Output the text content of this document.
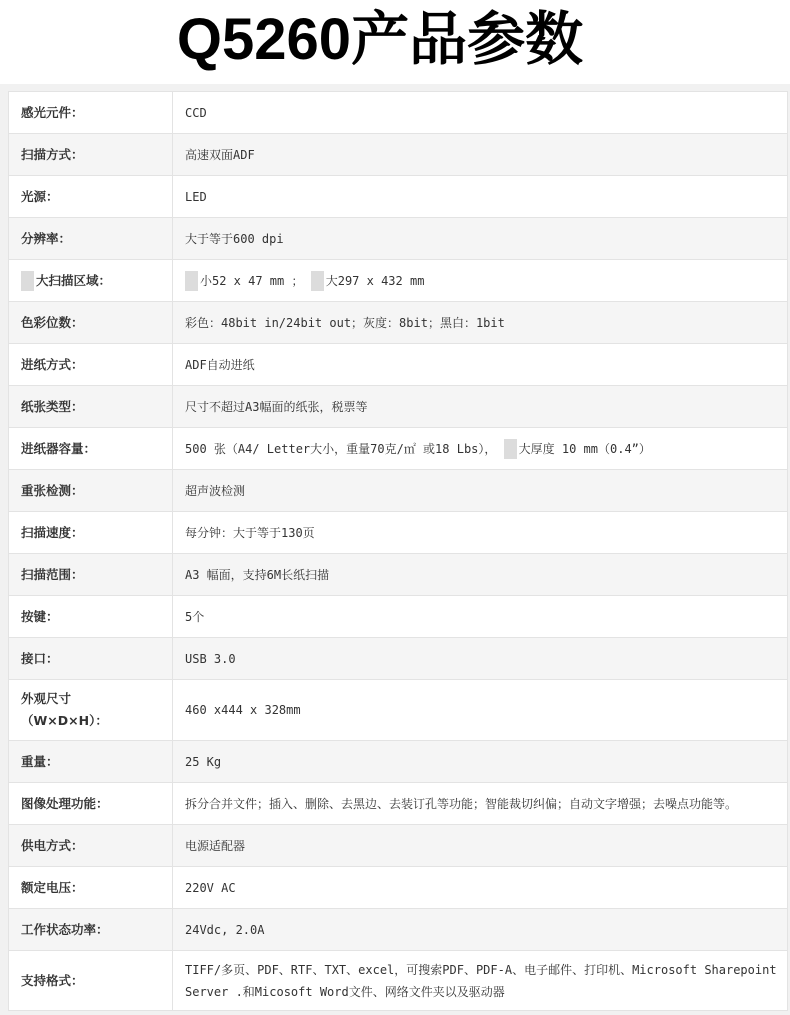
Q5260产品参数
感光元件：	CCD
扫描方式：	高速双面ADF
光源：	LED
分辨率：	大于等于600 dpi
大扫描区域：	小52 x 47 mm ； 大297 x 432 mm
色彩位数：	彩色：48bit in/24bit out；灰度：8bit；黑白：1bit
进纸方式：	ADF自动进纸
纸张类型：	尺寸不超过A3幅面的纸张，税票等
进纸器容量：	500 张（A4/ Letter大小，重量70克/㎡ 或18 Lbs）， 大厚度 10 mm（0.4”）
重张检测：	超声波检测
扫描速度：	每分钟：大于等于130页
扫描范围：	A3 幅面，支持6M长纸扫描
按键：	5个
接口：	USB 3.0

外观尺寸
（W×D×H）：	460 x444 x 328mm
重量：	25 Kg
图像处理功能：	拆分合并文件；插入、删除、去黑边、去装订孔等功能；智能裁切纠偏；自动文字增强；去噪点功能等。
供电方式：	电源适配器
额定电压：	220V AC
工作状态功率：	24Vdc, 2.0A
支持格式：	TIFF/多页、PDF、RTF、TXT、excel，可搜索PDF、PDF-A、电子邮件、打印机、Microsoft Sharepoint
Server .和Micosoft Word文件、网络文件夹以及驱动器
